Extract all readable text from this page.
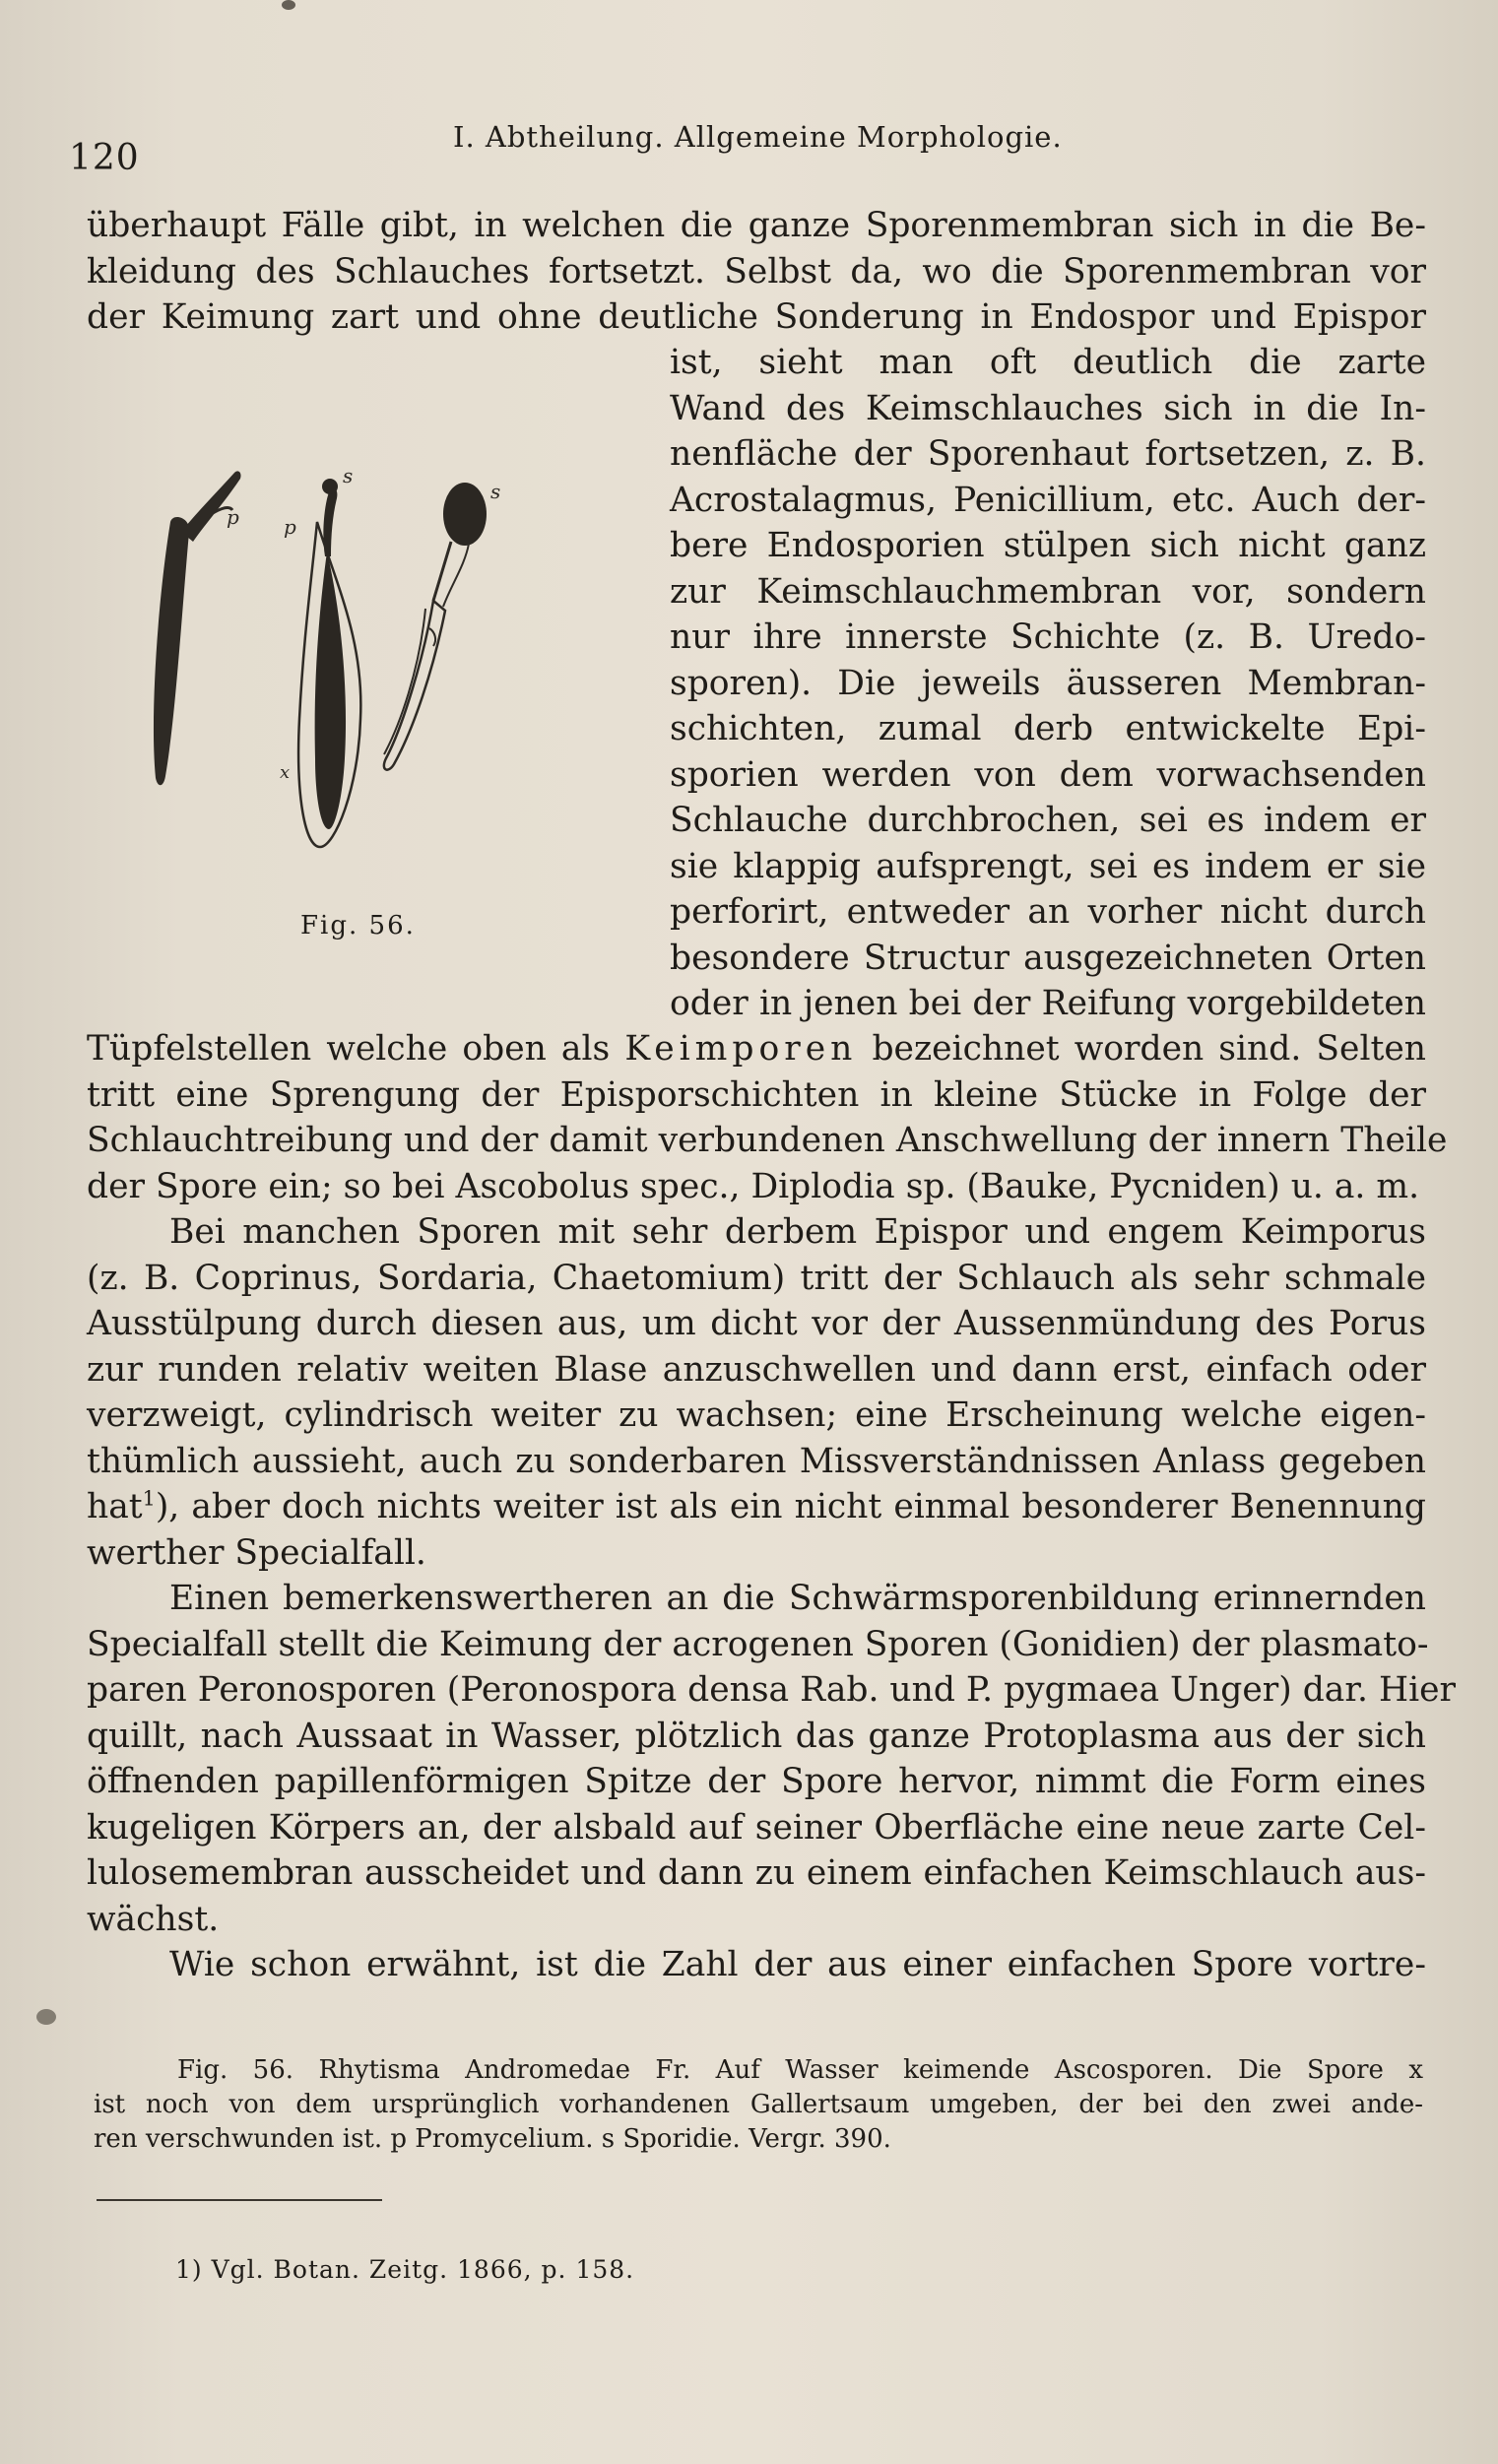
120
I. Abtheilung. Allgemeine Morphologie.
überhaupt Fälle gibt, in welchen die ganze Sporenmembran sich in die Be-
kleidung des Schlauches fortsetzt. Selbst da, wo die Sporenmembran vor
der Keimung zart und ohne deutliche Sonderung in Endospor und Epispor
p
s
p
x
s
Fig. 56.
ist, sieht man oft deutlich die zarte
Wand des Keimschlauches sich in die In-
nenfläche der Sporenhaut fortsetzen, z. B.
Acrostalagmus, Penicillium, etc. Auch der-
bere Endosporien stülpen sich nicht ganz
zur Keimschlauchmembran vor, sondern
nur ihre innerste Schichte (z. B. Uredo-
sporen). Die jeweils äusseren Membran-
schichten, zumal derb entwickelte Epi-
sporien werden von dem vorwachsenden
Schlauche durchbrochen, sei es indem er
sie klappig aufsprengt, sei es indem er sie
perforirt, entweder an vorher nicht durch
besondere Structur ausgezeichneten Orten
oder in jenen bei der Reifung vorgebildeten
Tüpfelstellen welche oben als Keimporen bezeichnet worden sind. Selten
tritt eine Sprengung der Episporschichten in kleine Stücke in Folge der
Schlauchtreibung und der damit verbundenen Anschwellung der innern Theile
der Spore ein; so bei Ascobolus spec., Diplodia sp. (Bauke, Pycniden) u. a. m.
Bei manchen Sporen mit sehr derbem Epispor und engem Keimporus
(z. B. Coprinus, Sordaria, Chaetomium) tritt der Schlauch als sehr schmale
Ausstülpung durch diesen aus, um dicht vor der Aussenmündung des Porus
zur runden relativ weiten Blase anzuschwellen und dann erst, einfach oder
verzweigt, cylindrisch weiter zu wachsen; eine Erscheinung welche eigen-
thümlich aussieht, auch zu sonderbaren Missverständnissen Anlass gegeben
hat$^1$), aber doch nichts weiter ist als ein nicht einmal besonderer Benennung
werther Specialfall.
Einen bemerkenswertheren an die Schwärmsporenbildung erinnernden
Specialfall stellt die Keimung der acrogenen Sporen (Gonidien) der plasmato-
paren Peronosporen (Peronospora densa Rab. und P. pygmaea Unger) dar. Hier
quillt, nach Aussaat in Wasser, plötzlich das ganze Protoplasma aus der sich
öffnenden papillenförmigen Spitze der Spore hervor, nimmt die Form eines
kugeligen Körpers an, der alsbald auf seiner Oberfläche eine neue zarte Cel-
lulosemembran ausscheidet und dann zu einem einfachen Keimschlauch aus-
wächst.
Wie schon erwähnt, ist die Zahl der aus einer einfachen Spore vortre-
Fig. 56. Rhytisma Andromedae Fr. Auf Wasser keimende Ascosporen. Die Spore x
ist noch von dem ursprünglich vorhandenen Gallertsaum umgeben, der bei den zwei ande-
ren verschwunden ist. p Promycelium. s Sporidie. Vergr. 390.
1) Vgl. Botan. Zeitg. 1866, p. 158.
